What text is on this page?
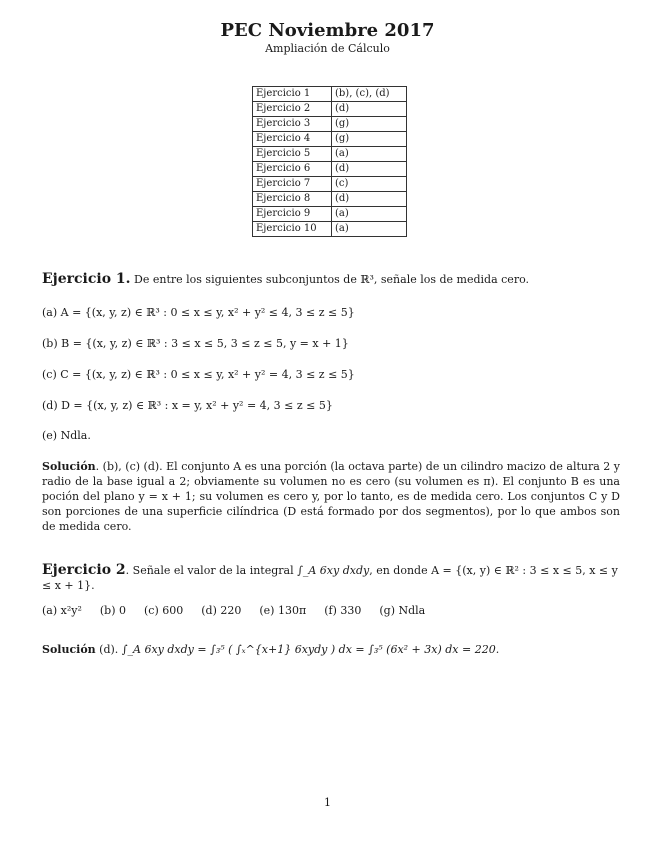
PEC Noviembre 2017
Ampliación de Cálculo
Ejercicio 1	(b), (c), (d)
Ejercicio 2	(d)
Ejercicio 3	(g)
Ejercicio 4	(g)
Ejercicio 5	(a)
Ejercicio 6	(d)
Ejercicio 7	(c)
Ejercicio 8	(d)
Ejercicio 9	(a)
Ejercicio 10	(a)
Ejercicio 1. De entre los siguientes subconjuntos de ℝ³, señale los de medida cero.
(a) A = {(x, y, z) ∈ ℝ³ : 0 ≤ x ≤ y, x² + y² ≤ 4, 3 ≤ z ≤ 5}
(b) B = {(x, y, z) ∈ ℝ³ : 3 ≤ x ≤ 5, 3 ≤ z ≤ 5, y = x + 1}
(c) C = {(x, y, z) ∈ ℝ³ : 0 ≤ x ≤ y, x² + y² = 4, 3 ≤ z ≤ 5}
(d) D = {(x, y, z) ∈ ℝ³ : x = y, x² + y² = 4, 3 ≤ z ≤ 5}
(e) Ndla.
Solución. (b), (c) (d). El conjunto A es una porción (la octava parte) de un cilindro macizo de altura 2 y radio de la base igual a 2; obviamente su volumen no es cero (su volumen es π). El conjunto B es una poción del plano y = x + 1; su volumen es cero y, por lo tanto, es de medida cero. Los conjuntos C y D son porciones de una superficie cilíndrica (D está formado por dos segmentos), por lo que ambos son de medida cero.
Ejercicio 2. Señale el valor de la integral ∫_A 6xy dxdy, en donde A = {(x, y) ∈ ℝ² : 3 ≤ x ≤ 5, x ≤ y ≤ x + 1}.
(a) x²y² (b) 0 (c) 600 (d) 220 (e) 130π (f) 330 (g) Ndla
Solución (d). ∫_A 6xy dxdy = ∫₃⁵ ( ∫ₓ^{x+1} 6xydy ) dx = ∫₃⁵ (6x² + 3x) dx = 220.
1
